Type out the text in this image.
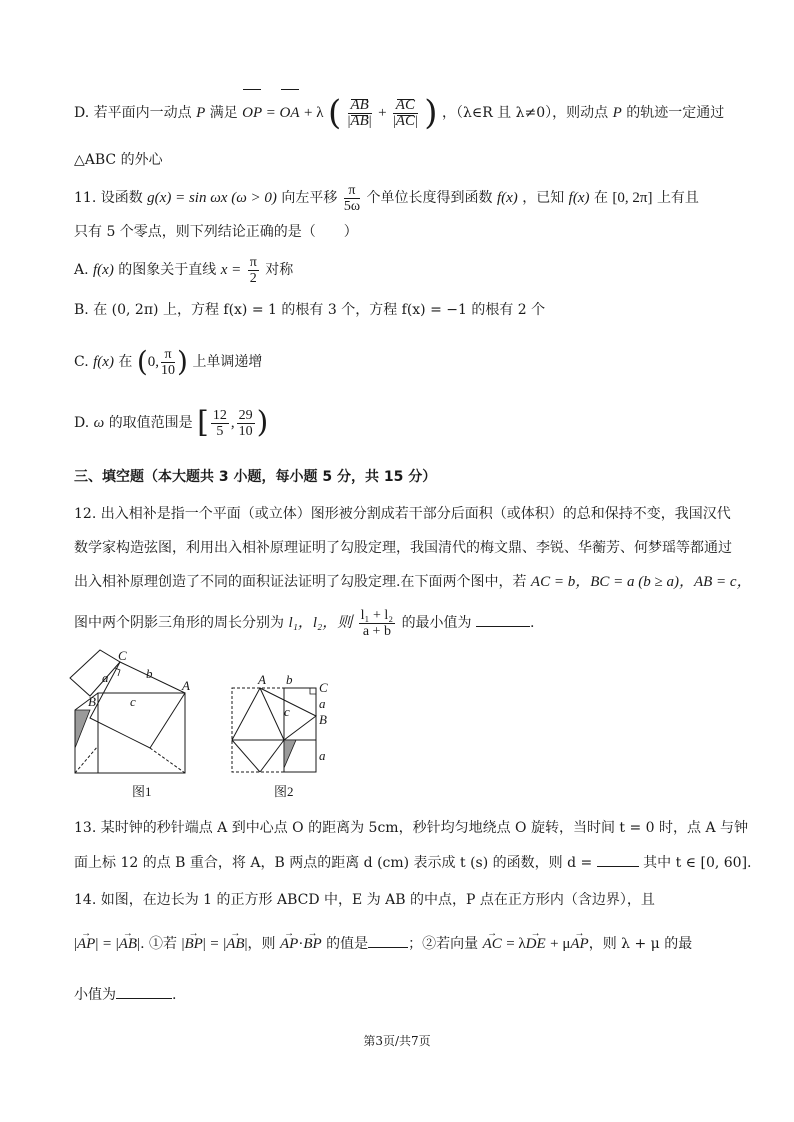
D. 若平面内一动点 P 满足 OP = OA + λ ( $\frac{AB}{|AB|} + \frac{AC}{|AC|}$ ) ，（λ∈R 且 λ≠0），则动点 P 的轨迹一定通过
△ABC 的外心
11. 设函数 g(x) = sin ωx (ω > 0) 向左平移 $\frac{\pi}{5\omega}$ 个单位长度得到函数 f(x) ，已知 f(x) 在 [0, 2π] 上有且
只有 5 个零点，则下列结论正确的是（　　）
A. f(x) 的图象关于直线 $x = \frac{\pi}{2}$ 对称
B. 在 (0, 2π) 上，方程 f(x) = 1 的根有 3 个，方程 f(x) = −1 的根有 2 个
C. f(x) 在 (0, $\frac{\pi}{10}$ ) 上单调递增
D. ω 的取值范围是 [ $\frac{12}{5}$ , $\frac{29}{10}$ )
三、填空题（本大题共 3 小题，每小题 5 分，共 15 分）
12. 出入相补是指一个平面（或立体）图形被分割成若干部分后面积（或体积）的总和保持不变，我国汉代
数学家构造弦图，利用出入相补原理证明了勾股定理，我国清代的梅文鼎、李锐、华蘅芳、何梦瑶等都通过
出入相补原理创造了不同的面积证法证明了勾股定理.在下面两个图中，若 AC = b，BC = a (b ≥ a)，AB = c，
图中两个阴影三角形的周长分别为 l₁，l₂，则 $\frac{\text{l₁ + l₂}}{a + b}$ 的最小值为	.
C
a	b
A
B	c
图1
A b
C
a
c
B
a
图2
13. 某时钟的秒针端点 A 到中心点 O 的距离为 5cm，秒针均匀地绕点 O 旋转，当时间 t = 0 时，点 A 与钟
面上标 12 的点 B 重合，将 A，B 两点的距离 d (cm) 表示成 t (s) 的函数，则 d =	其中 t ∈ [0, 60].
14. 如图，在边长为 1 的正方形 ABCD 中，E 为 AB 的中点，P 点在正方形内（含边界），且
|→ AP| = |→ AB|. ①若 |→ BP| = |→ AB|，则 → AP·→ BP 的值是	；②若向量 → AC = λ→ DE + μ→ AP，则 λ + μ 的最
小值为	.
第3页/共7页
